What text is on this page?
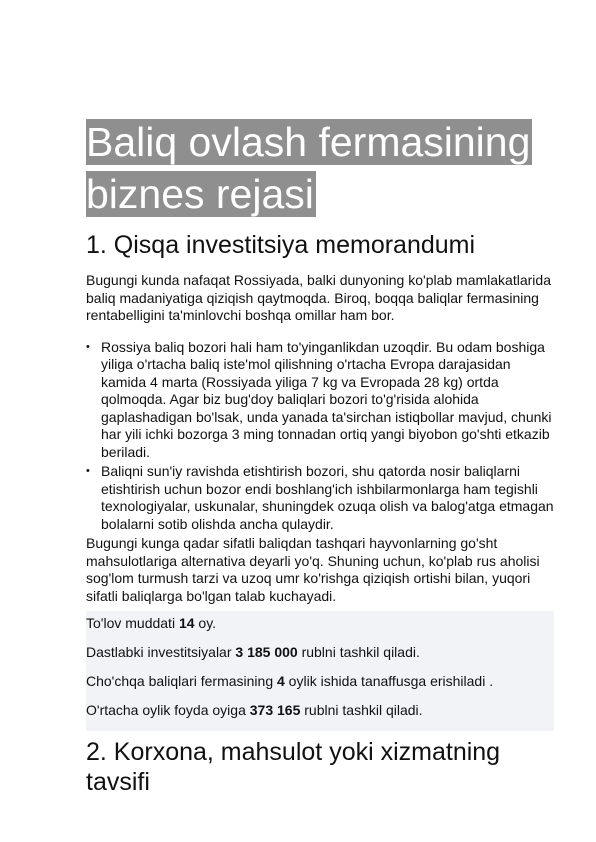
Baliq ovlash fermasining
biznes rejasi
1. Qisqa investitsiya memorandumi

Bugungi kunda nafaqat Rossiyada, balki dunyoning ko'plab mamlakatlarida baliq madaniyatiga qiziqish qaytmoqda. Biroq, boqqa baliqlar fermasining rentabelligini ta'minlovchi boshqa omillar ham bor.

• Rossiya baliq bozori hali ham to'yinganlikdan uzoqdir. Bu odam boshiga yiliga o'rtacha baliq iste'mol qilishning o'rtacha Evropa darajasidan kamida 4 marta (Rossiyada yiliga 7 kg va Evropada 28 kg) ortda qolmoqda. Agar biz bug'doy baliqlari bozori to'g'risida alohida gaplashadigan bo'lsak, unda yanada ta'sirchan istiqbollar mavjud, chunki har yili ichki bozorga 3 ming tonnadan ortiq yangi biyobon go'shti etkazib beriladi.
• Baliqni sun'iy ravishda etishtirish bozori, shu qatorda nosir baliqlarni etishtirish uchun bozor endi boshlang'ich ishbilarmonlarga ham tegishli texnologiyalar, uskunalar, shuningdek ozuqa olish va balog'atga etmagan bolalarni sotib olishda ancha qulaydir.

Bugungi kunga qadar sifatli baliqdan tashqari hayvonlarning go'sht mahsulotlariga alternativa deyarli yo'q. Shuning uchun, ko'plab rus aholisi sog'lom turmush tarzi va uzoq umr ko'rishga qiziqish ortishi bilan, yuqori sifatli baliqlarga bo'lgan talab kuchayadi.

To'lov muddati 14 oy.
Dastlabki investitsiyalar 3 185 000 rublni tashkil qiladi.
Cho'chqa baliqlari fermasining 4 oylik ishida tanaffusga erishiladi .
O'rtacha oylik foyda oyiga 373 165 rublni tashkil qiladi.
2. Korxona, mahsulot yoki xizmatning tavsifi
